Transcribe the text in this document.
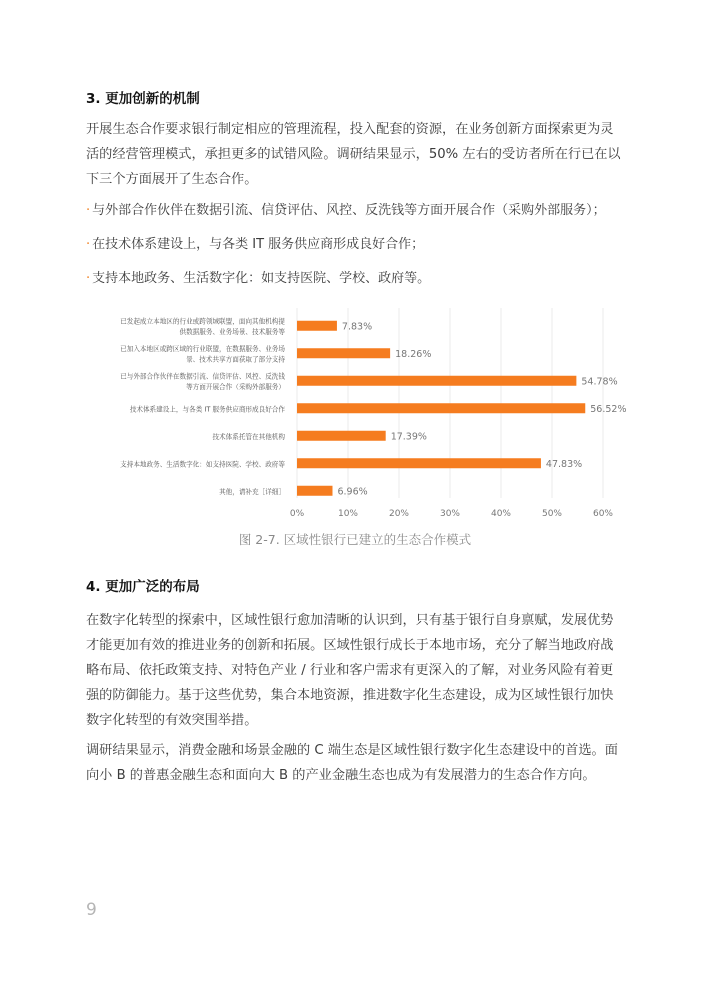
3. 更加创新的机制
开展生态合作要求银行制定相应的管理流程，投入配套的资源，在业务创新方面探索更为灵
活的经营管理模式，承担更多的试错风险。调研结果显示，50% 左右的受访者所在行已在以
下三个方面展开了生态合作。
· 与外部合作伙伴在数据引流、信贷评估、风控、反洗钱等方面开展合作（采购外部服务）；
· 在技术体系建设上，与各类 IT 服务供应商形成良好合作；
· 支持本地政务、生活数字化：如支持医院、学校、政府等。
0%	10%	20%	30%	40%	50%	60%
7.83%
已发起成立本地区的行业或跨领域联盟，面向其他机构提
供数据服务、业务场景、技术服务等
18.26%
已加入本地区或跨区域的行业联盟，在数据服务、业务场
景、技术共享方面获取了部分支持
54.78%
已与外部合作伙伴在数据引流、信贷评估、风控、反洗钱
等方面开展合作（采购外部服务）
56.52%
技术体系建设上，与各类 IT 服务供应商形成良好合作
17.39%
技术体系托管在其他机构
47.83%
支持本地政务、生活数字化：如支持医院、学校、政府等
6.96%
其他，请补充［详细］
图 2-7. 区域性银行已建立的生态合作模式
4. 更加广泛的布局
在数字化转型的探索中，区域性银行愈加清晰的认识到，只有基于银行自身禀赋，发展优势
才能更加有效的推进业务的创新和拓展。区域性银行成长于本地市场，充分了解当地政府战
略布局、依托政策支持、对特色产业 / 行业和客户需求有更深入的了解，对业务风险有着更
强的防御能力。基于这些优势，集合本地资源，推进数字化生态建设，成为区域性银行加快
数字化转型的有效突围举措。
调研结果显示，消费金融和场景金融的 C 端生态是区域性银行数字化生态建设中的首选。面
向小 B 的普惠金融生态和面向大 B 的产业金融生态也成为有发展潜力的生态合作方向。
9
